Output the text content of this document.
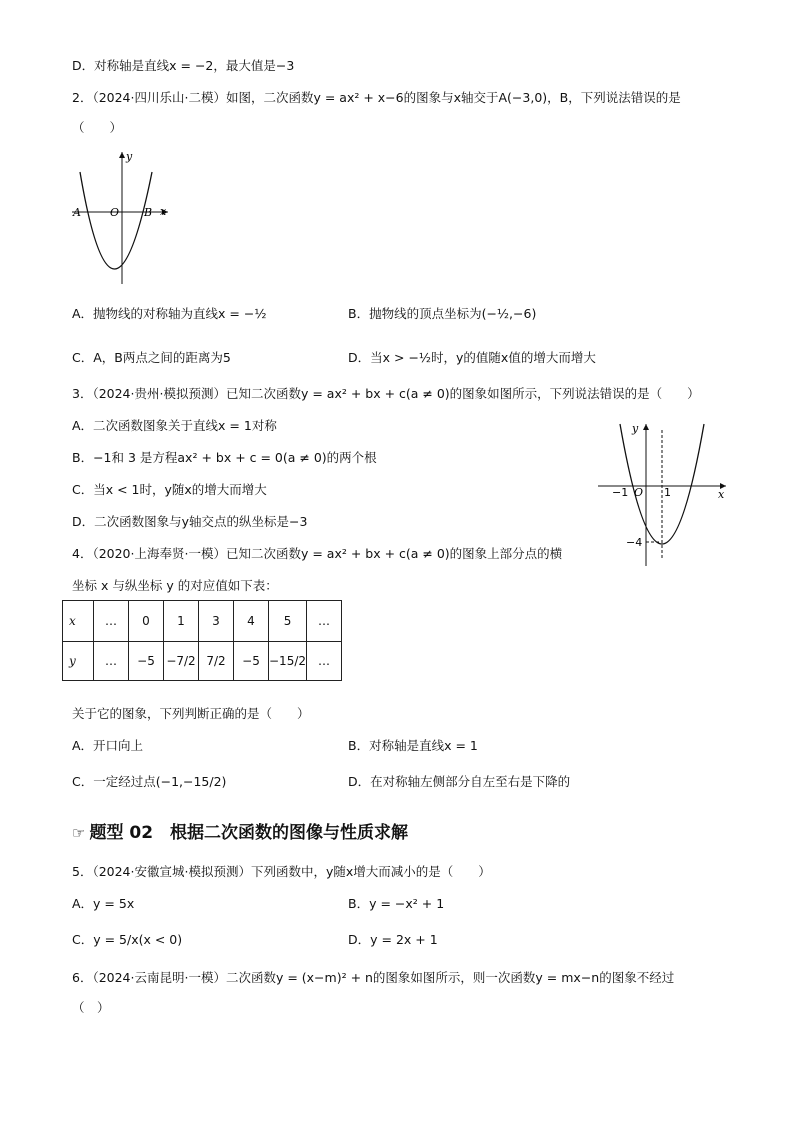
D．对称轴是直线x = −2，最大值是−3
2．（2024·四川乐山·二模）如图，二次函数y = ax² + x−6的图象与x轴交于A(−3,0)，B，下列说法错误的是
（　　）
y
x
A	O B
A．抛物线的对称轴为直线x = −½	B．抛物线的顶点坐标为(−½,−6)
C．A，B两点之间的距离为5	D．当x > −½时，y的值随x值的增大而增大
3．（2024·贵州·模拟预测）已知二次函数y = ax² + bx + c(a ≠ 0)的图象如图所示，下列说法错误的是（　　）
A．二次函数图象关于直线x = 1对称
B．−1和 3 是方程ax² + bx + c = 0(a ≠ 0)的两个根
C．当x < 1时，y随x的增大而增大
D．二次函数图象与y轴交点的纵坐标是−3
y
x
−1 O 1
−4
4．（2020·上海奉贤·一模）已知二次函数y = ax² + bx + c(a ≠ 0)的图象上部分点的横
坐标 x 与纵坐标 y 的对应值如下表：
x	…	0	1	3	4	5	…
y	…	−5	−7/2	7/2	−5	−15/2	…
关于它的图象，下列判断正确的是（　　）
A．开口向上	B．对称轴是直线x = 1
C．一定经过点(−1,−15/2)	D．在对称轴左侧部分自左至右是下降的
☞ 题型 02　根据二次函数的图像与性质求解
5．（2024·安徽宣城·模拟预测）下列函数中，y随x增大而减小的是（　　）
A．y = 5x	B．y = −x² + 1
C．y = 5/x(x < 0)	D．y = 2x + 1
6．（2024·云南昆明·一模）二次函数y = (x−m)² + n的图象如图所示，则一次函数y = mx−n的图象不经过
（　）
